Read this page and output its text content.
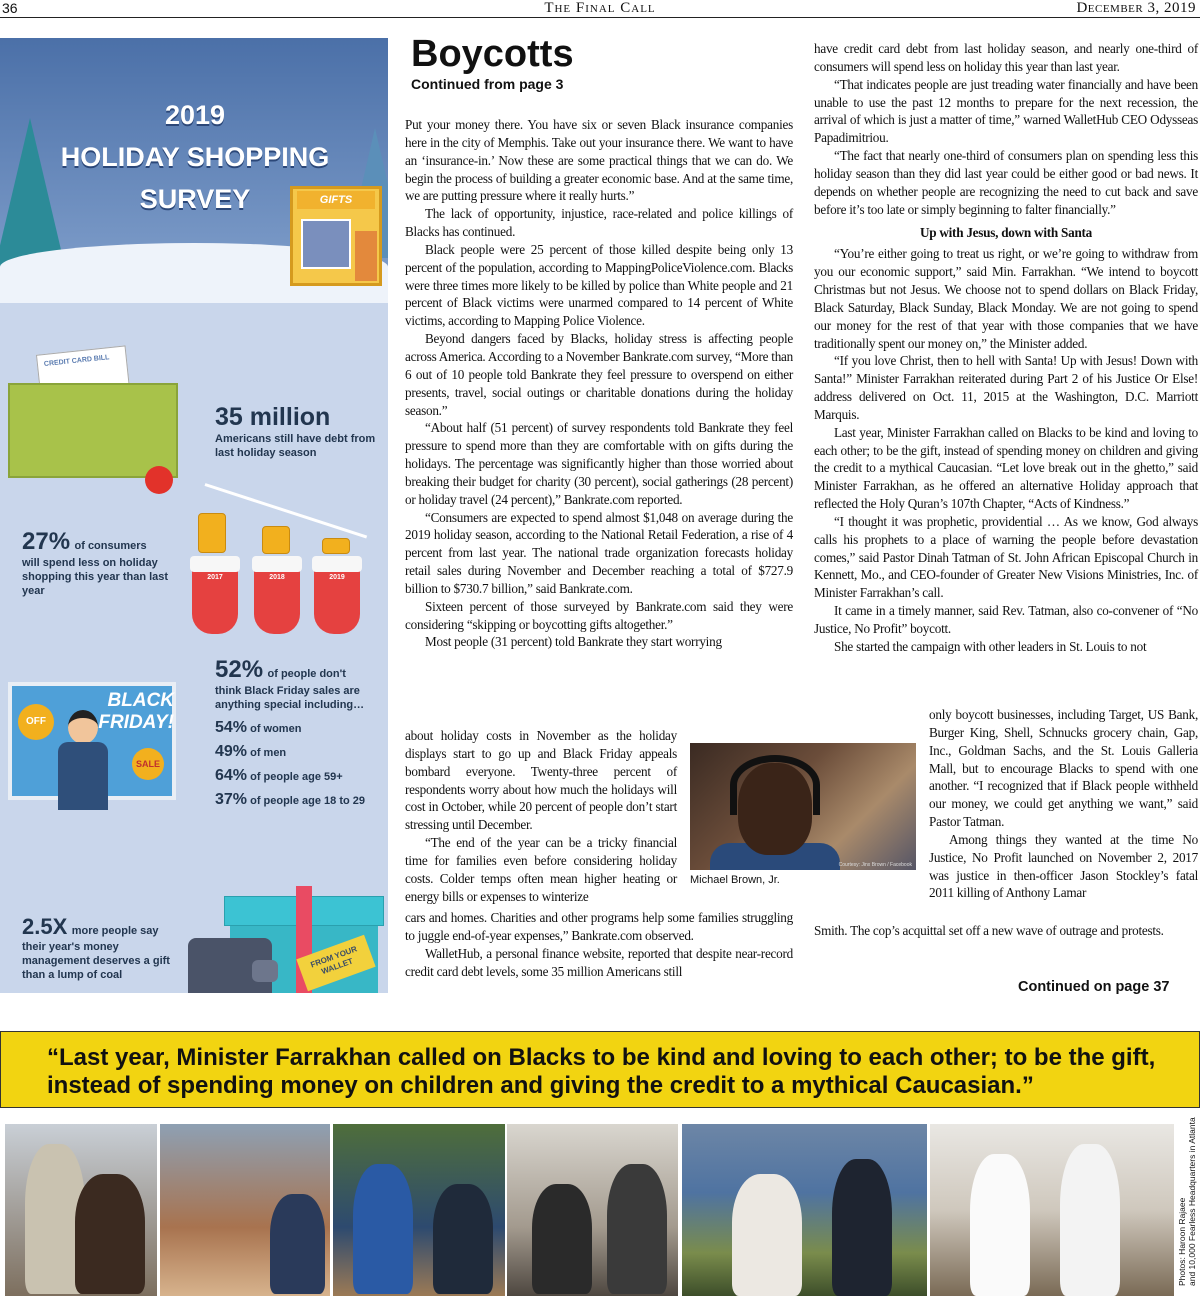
36	The Final Call	December 3, 2019
2019
HOLIDAY SHOPPING
SURVEY	GIFTS
CREDIT CARD BILL
35 million
Americans still have debt from last holiday season
2017	2018	2019
27% of consumers
will spend less on holiday shopping this year than last year
OFF
BLACK
FRIDAY!
SALE
52% of people don't
think Black Friday sales are anything special including…
54% of women
49% of men
64% of people age 59+
37% of people age 18 to 29
2.5X more people say
their year's money management deserves a gift than a lump of coal
FROM YOUR WALLET
Boycotts
Continued from page 3

Put your money there. You have six or seven Black insurance companies here in the city of Memphis. Take out your insurance there. We want to have an ‘insurance-in.’ Now these are some practical things that we can do. We begin the process of building a greater economic base. And at the same time, we are putting pressure where it really hurts.”

The lack of opportunity, injustice, race-related and police killings of Blacks has continued.

Black people were 25 percent of those killed despite being only 13 percent of the population, according to MappingPoliceViolence.com. Blacks were three times more likely to be killed by police than White people and 21 percent of Black victims were unarmed compared to 14 percent of White victims, according to Mapping Police Violence.

Beyond dangers faced by Blacks, holiday stress is affecting people across America. According to a November Bankrate.com survey, “More than 6 out of 10 people told Bankrate they feel pressure to overspend on either presents, travel, social outings or charitable donations during the holiday season.”

“About half (51 percent) of survey respondents told Bankrate they feel pressure to spend more than they are comfortable with on gifts during the holidays. The percentage was significantly higher than those worried about breaking their budget for charity (30 percent), social gatherings (28 percent) or holiday travel (24 percent),” Bankrate.com reported.

“Consumers are expected to spend almost $1,048 on average during the 2019 holiday season, according to the National Retail Federation, a rise of 4 percent from last year. The national trade organization forecasts holiday retail sales during November and December reaching a total of $727.9 billion to $730.7 billion,” said Bankrate.com.

Sixteen percent of those surveyed by Bankrate.com said they were considering “skipping or boycotting gifts altogether.”

Most people (31 percent) told Bankrate they start worrying

about holiday costs in November as the holiday displays start to go up and Black Friday appeals bombard everyone. Twenty-three percent of respondents worry about how much the holidays will cost in October, while 20 percent of people don’t start stressing until December.

“The end of the year can be a tricky financial time for families even before considering holiday costs. Colder temps often mean higher heating or energy bills or expenses to winterize

cars and homes. Charities and other programs help some families struggling to juggle end-of-year expenses,” Bankrate.com observed.

WalletHub, a personal finance website, reported that despite near-record credit card debt levels, some 35 million Americans still

Courtesy: Jinx Brown / Facebook
Michael Brown, Jr.

have credit card debt from last holiday season, and nearly one-third of consumers will spend less on holiday this year than last year.

“That indicates people are just treading water financially and have been unable to use the past 12 months to prepare for the next recession, the arrival of which is just a matter of time,” warned WalletHub CEO Odysseas Papadimitriou.

“The fact that nearly one-third of consumers plan on spending less this holiday season than they did last year could be either good or bad news. It depends on whether people are recognizing the need to cut back and save before it’s too late or simply beginning to falter financially.”

Up with Jesus, down with Santa

“You’re either going to treat us right, or we’re going to withdraw from you our economic support,” said Min. Farrakhan. “We intend to boycott Christmas but not Jesus. We choose not to spend dollars on Black Friday, Black Saturday, Black Sunday, Black Monday. We are not going to spend our money for the rest of that year with those companies that we have traditionally spent our money on,” the Minister added.

“If you love Christ, then to hell with Santa! Up with Jesus! Down with Santa!” Minister Farrakhan reiterated during Part 2 of his Justice Or Else! address delivered on Oct. 11, 2015 at the Washington, D.C. Marriott Marquis.

Last year, Minister Farrakhan called on Blacks to be kind and loving to each other; to be the gift, instead of spending money on children and giving the credit to a mythical Caucasian. “Let love break out in the ghetto,” said Minister Farrakhan, as he offered an alternative Holiday approach that reflected the Holy Quran’s 107th Chapter, “Acts of Kindness.”

“I thought it was prophetic, providential … As we know, God always calls his prophets to a place of warning the people before devastation comes,” said Pastor Dinah Tatman of St. John African Episcopal Church in Kennett, Mo., and CEO-founder of Greater New Visions Ministries, Inc. of Minister Farrakhan’s call.

It came in a timely manner, said Rev. Tatman, also co-convener of “No Justice, No Profit” boycott.

She started the campaign with other leaders in St. Louis to not

only boycott businesses, including Target, US Bank, Burger King, Shell, Schnucks grocery chain, Gap, Inc., Goldman Sachs, and the St. Louis Galleria Mall, but to encourage Blacks to spend with one another. “I recognized that if Black people withheld our money, we could get anything we want,” said Pastor Tatman.

Among things they wanted at the time No Justice, No Profit launched on November 2, 2017 was justice in then-officer Jason Stockley’s fatal 2011 killing of Anthony Lamar

Smith. The cop’s acquittal set off a new wave of outrage and protests.

Continued on page 37
“Last year, Minister Farrakhan called on Blacks to be kind and loving to each other; to be the gift, instead of spending money on children and giving the credit to a mythical Caucasian.”
Photos: Haroon Rajaee and 10,000 Fearless Headquarters in Atlanta
